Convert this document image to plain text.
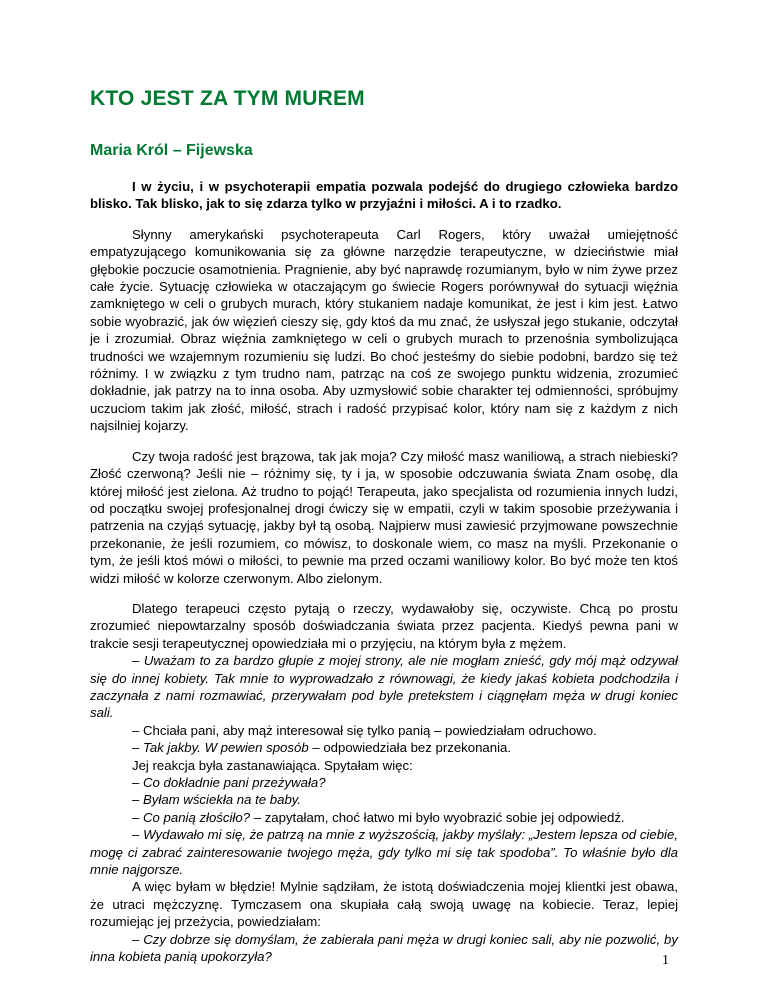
KTO JEST ZA TYM MUREM
Maria Król – Fijewska

I w życiu, i w psychoterapii empatia pozwala podejść do drugiego człowieka bardzo blisko. Tak blisko, jak to się zdarza tylko w przyjaźni i miłości. A i to rzadko.

Słynny amerykański psychoterapeuta Carl Rogers, który uważał umiejętność empatyzującego komunikowania się za główne narzędzie terapeutyczne, w dzieciństwie miał głębokie poczucie osamotnienia. Pragnienie, aby być naprawdę rozumianym, było w nim żywe przez całe życie. Sytuację człowieka w otaczającym go świecie Rogers porównywał do sytuacji więźnia zamkniętego w celi o grubych murach, który stukaniem nadaje komunikat, że jest i kim jest. Łatwo sobie wyobrazić, jak ów więzień cieszy się, gdy ktoś da mu znać, że usłyszał jego stukanie, odczytał je i zrozumiał. Obraz więźnia zamkniętego w celi o grubych murach to przenośnia symbolizująca trudności we wzajemnym rozumieniu się ludzi. Bo choć jesteśmy do siebie podobni, bardzo się też różnimy. I w związku z tym trudno nam, patrząc na coś ze swojego punktu widzenia, zrozumieć dokładnie, jak patrzy na to inna osoba. Aby uzmysłowić sobie charakter tej odmienności, spróbujmy uczuciom takim jak złość, miłość, strach i radość przypisać kolor, który nam się z każdym z nich najsilniej kojarzy.

Czy twoja radość jest brązowa, tak jak moja? Czy miłość masz waniliową, a strach niebieski? Złość czerwoną? Jeśli nie – różnimy się, ty i ja, w sposobie odczuwania świata Znam osobę, dla której miłość jest zielona. Aż trudno to pojąć! Terapeuta, jako specjalista od rozumienia innych ludzi, od początku swojej profesjonalnej drogi ćwiczy się w empatii, czyli w takim sposobie przeżywania i patrzenia na czyjąś sytuację, jakby był tą osobą. Najpierw musi zawiesić przyjmowane powszechnie przekonanie, że jeśli rozumiem, co mówisz, to doskonale wiem, co masz na myśli. Przekonanie o tym, że jeśli ktoś mówi o miłości, to pewnie ma przed oczami waniliowy kolor. Bo być może ten ktoś widzi miłość w kolorze czerwonym. Albo zielonym.

Dlatego terapeuci często pytają o rzeczy, wydawałoby się, oczywiste. Chcą po prostu zrozumieć niepowtarzalny sposób doświadczania świata przez pacjenta. Kiedyś pewna pani w trakcie sesji terapeutycznej opowiedziała mi o przyjęciu, na którym była z mężem.

– Uważam to za bardzo głupie z mojej strony, ale nie mogłam znieść, gdy mój mąż odzywał się do innej kobiety. Tak mnie to wyprowadzało z równowagi, że kiedy jakaś kobieta podchodziła i zaczynała z nami rozmawiać, przerywałam pod byle pretekstem i ciągnęłam męża w drugi koniec sali.

– Chciała pani, aby mąż interesował się tylko panią – powiedziałam odruchowo.

– Tak jakby. W pewien sposób – odpowiedziała bez przekonania.

Jej reakcja była zastanawiająca. Spytałam więc:

– Co dokładnie pani przeżywała?

– Byłam wściekła na te baby.

– Co panią złościło? – zapytałam, choć łatwo mi było wyobrazić sobie jej odpowiedź.

– Wydawało mi się, że patrzą na mnie z wyższością, jakby myślały: „Jestem lepsza od ciebie, mogę ci zabrać zainteresowanie twojego męża, gdy tylko mi się tak spodoba”. To właśnie było dla mnie najgorsze.

A więc byłam w błędzie! Mylnie sądziłam, że istotą doświadczenia mojej klientki jest obawa, że utraci mężczyznę. Tymczasem ona skupiała całą swoją uwagę na kobiecie. Teraz, lepiej rozumiejąc jej przeżycia, powiedziałam:

– Czy dobrze się domyślam, że zabierała pani męża w drugi koniec sali, aby nie pozwolić, by inna kobieta panią upokorzyła?	1
